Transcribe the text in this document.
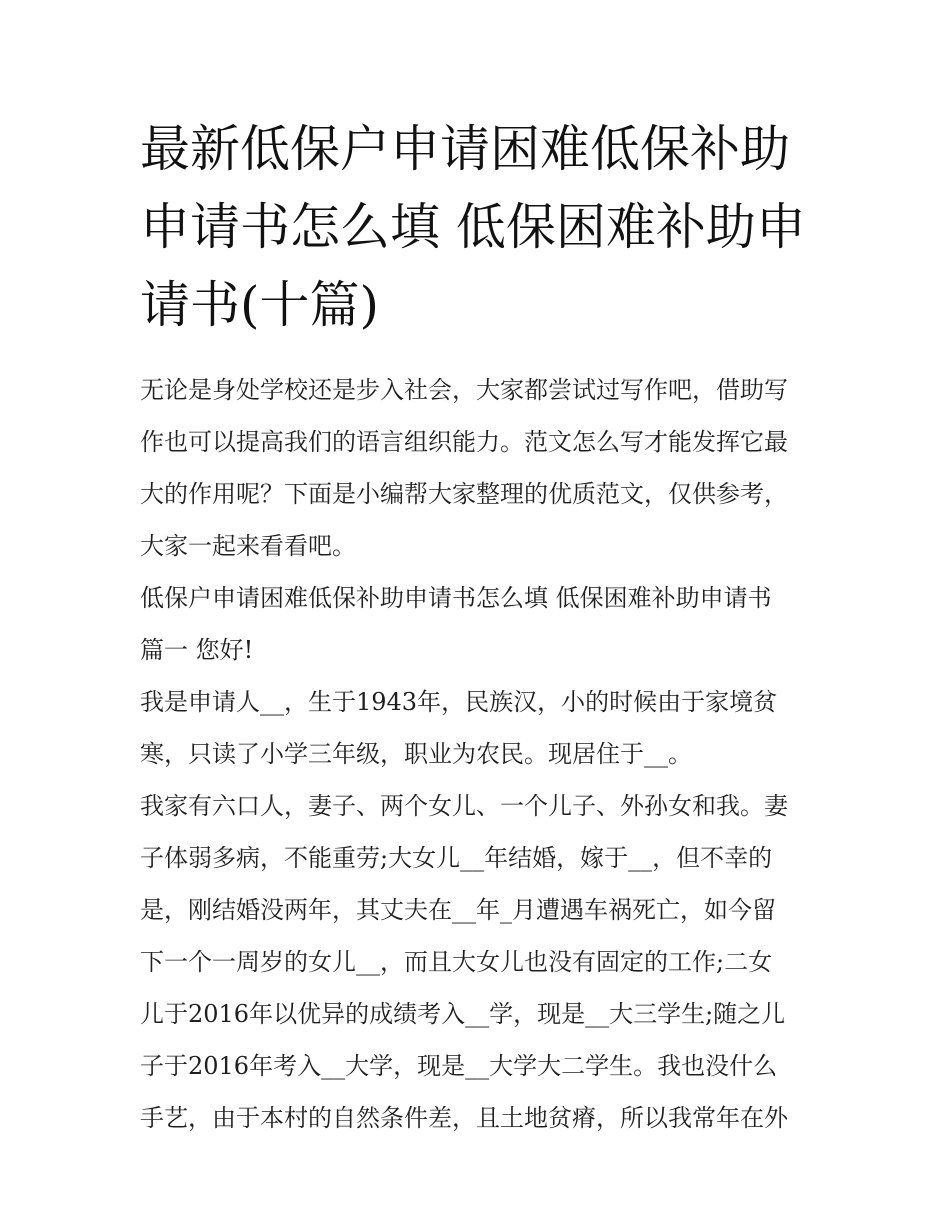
最新低保户申请困难低保补助
申请书怎么填 低保困难补助申
请书(十篇)
无论是身处学校还是步入社会，大家都尝试过写作吧，借助写
作也可以提高我们的语言组织能力。范文怎么写才能发挥它最
大的作用呢？下面是小编帮大家整理的优质范文，仅供参考，
大家一起来看看吧。
低保户申请困难低保补助申请书怎么填 低保困难补助申请书
篇一 您好!
我是申请人__，生于1943年，民族汉，小的时候由于家境贫
寒，只读了小学三年级，职业为农民。现居住于__。
我家有六口人，妻子、两个女儿、一个儿子、外孙女和我。妻
子体弱多病，不能重劳;大女儿__年结婚，嫁于__，但不幸的
是，刚结婚没两年，其丈夫在__年_月遭遇车祸死亡，如今留
下一个一周岁的女儿__，而且大女儿也没有固定的工作;二女
儿于2016年以优异的成绩考入__学，现是__大三学生;随之儿
子于2016年考入__大学，现是__大学大二学生。我也没什么
手艺，由于本村的自然条件差，且土地贫瘠，所以我常年在外
